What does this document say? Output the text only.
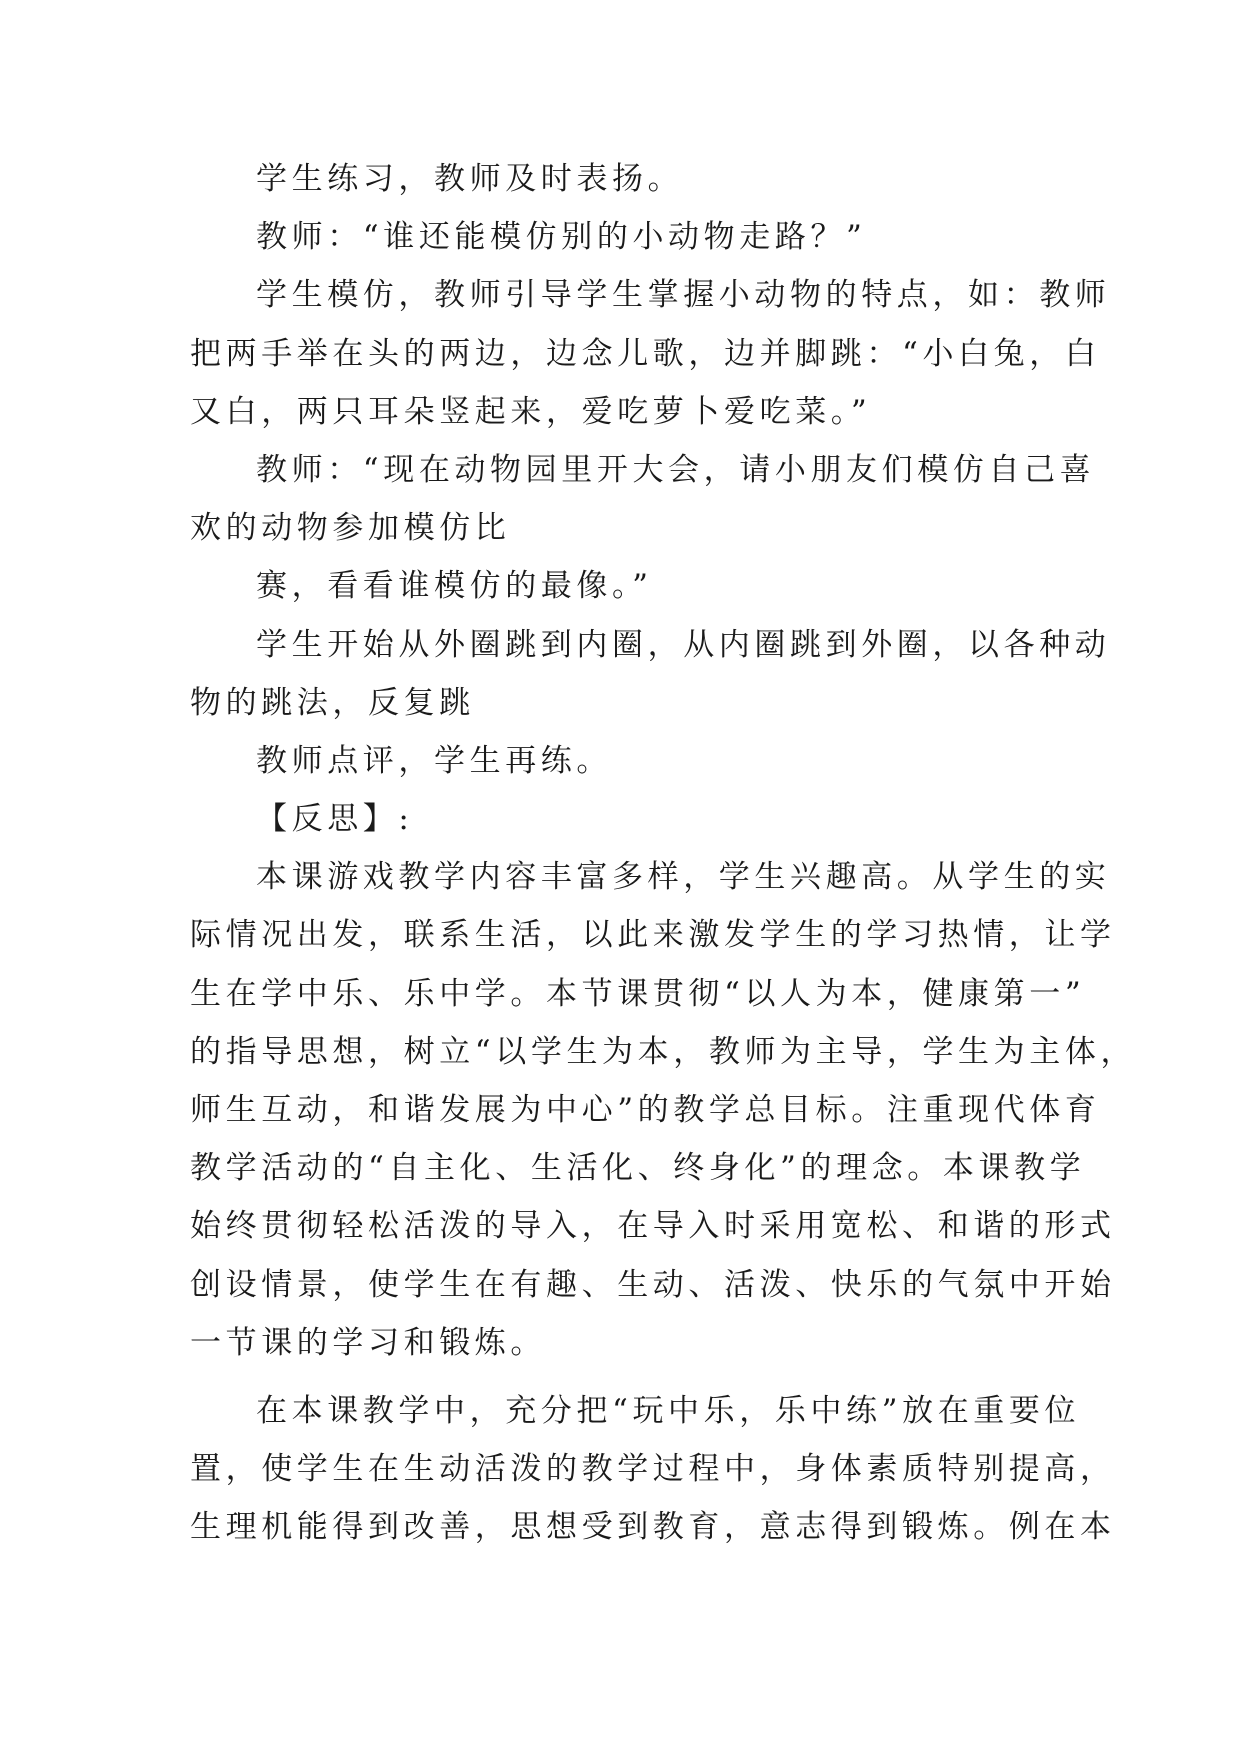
学生练习，教师及时表扬。
教师：“谁还能模仿别的小动物走路？”
学生模仿，教师引导学生掌握小动物的特点，如：教师
把两手举在头的两边，边念儿歌，边并脚跳：“小白兔，白
又白，两只耳朵竖起来，爱吃萝卜爱吃菜。”
教师：“现在动物园里开大会，请小朋友们模仿自己喜
欢的动物参加模仿比
赛，看看谁模仿的最像。”
学生开始从外圈跳到内圈，从内圈跳到外圈，以各种动
物的跳法，反复跳
教师点评，学生再练。
【反思】:
本课游戏教学内容丰富多样，学生兴趣高。从学生的实
际情况出发，联系生活，以此来激发学生的学习热情，让学
生在学中乐、乐中学。本节课贯彻“以人为本，健康第一”
的指导思想，树立“以学生为本，教师为主导，学生为主体，
师生互动，和谐发展为中心”的教学总目标。注重现代体育
教学活动的“自主化、生活化、终身化”的理念。本课教学
始终贯彻轻松活泼的导入，在导入时采用宽松、和谐的形式
创设情景，使学生在有趣、生动、活泼、快乐的气氛中开始
一节课的学习和锻炼。
在本课教学中，充分把“玩中乐，乐中练”放在重要位
置，使学生在生动活泼的教学过程中，身体素质特别提高，
生理机能得到改善，思想受到教育，意志得到锻炼。例在本
